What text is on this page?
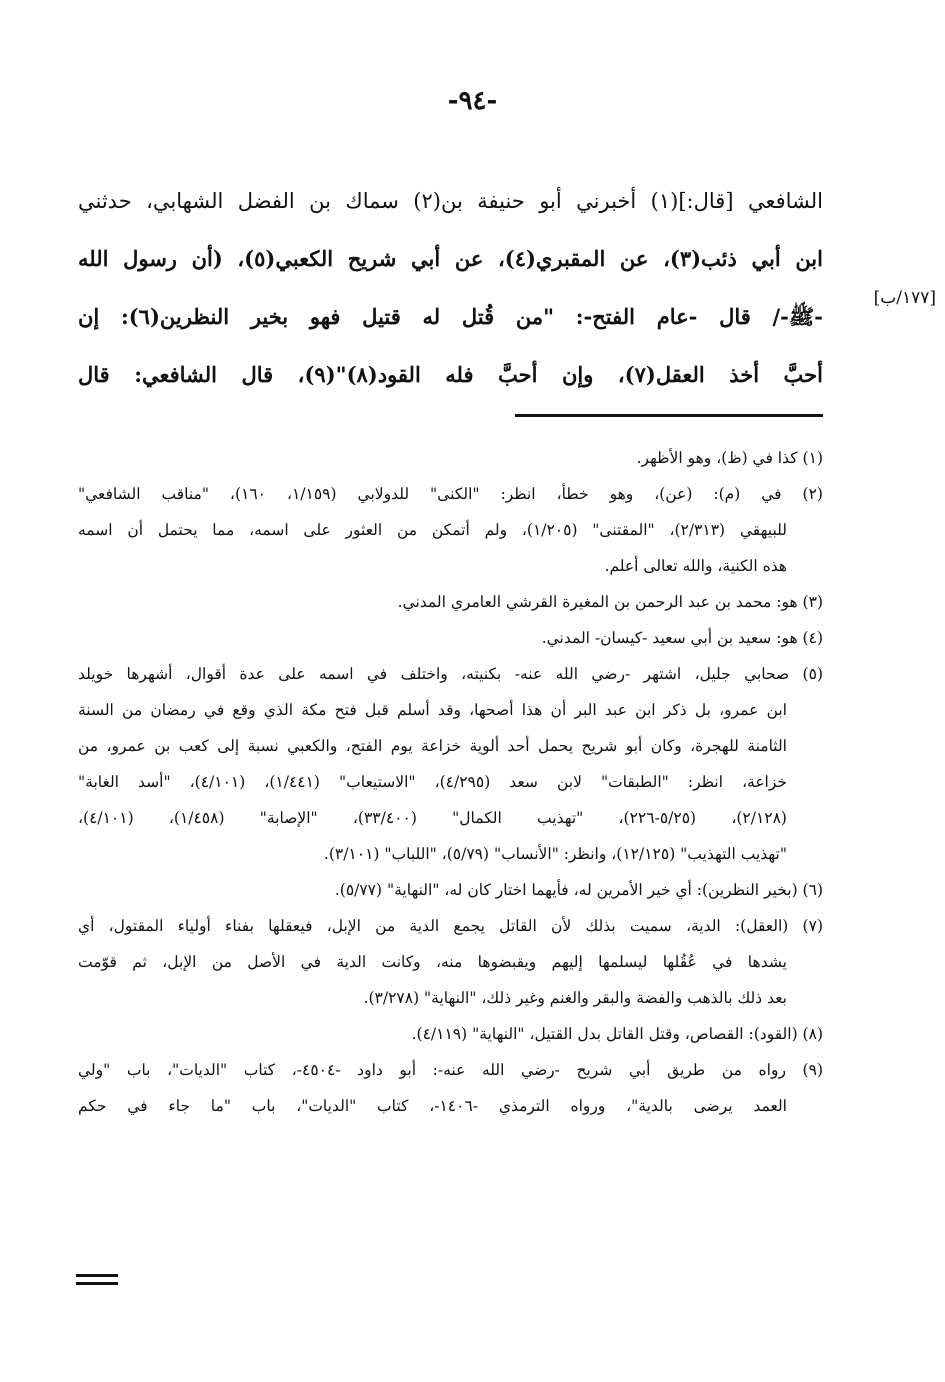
-٩٤-
الشافعي [قال:](١) أخبرني أبو حنيفة بن(٢) سماك بن الفضل الشهابي، حدثني
ابن أبي ذئب(٣)، عن المقبري(٤)، عن أبي شريح الكعبي(٥)، (أن رسول الله
-ﷺ-/ قال -عام الفتح-: "من قُتل له قتيل فهو بخير النظرين(٦): إن
أحبَّ أخذ العقل(٧)، وإن أحبَّ فله القود(٨)"(٩)، قال الشافعي: قال
[١٧٧/ب]
(١) كذا في (ظ)، وهو الأظهر.
(٢) في (م): (عن)، وهو خطأ، انظر: "الكنى" للدولابي (١/١٥٩، ١٦٠)، "مناقب الشافعي"
للبيهقي (٢/٣١٣)، "المقتنى" (١/٢٠٥)، ولم أتمكن من العثور على اسمه، مما يحتمل أن اسمه
هذه الكنية، والله تعالى أعلم.
(٣) هو: محمد بن عبد الرحمن بن المغيرة القرشي العامري المدني.
(٤) هو: سعيد بن أبي سعيد -كيسان- المدني.
(٥) صحابي جليل، اشتهر -رضي الله عنه- بكنيته، واختلف في اسمه على عدة أقوال، أشهرها خويلد
ابن عمرو، بل ذكر ابن عبد البر أن هذا أصحها، وقد أسلم قبل فتح مكة الذي وقع في رمضان من السنة
الثامنة للهجرة، وكان أبو شريح يحمل أحد ألوية خزاعة يوم الفتح، والكعبي نسبة إلى كعب بن عمرو، من
خزاعة، انظر: "الطبقات" لابن سعد (٤/٢٩٥)، "الاستيعاب" (١/٤٤١)، (٤/١٠١)، "أسد الغابة"
(٢/١٢٨)، (٥/٢٥-٢٢٦)، "تهذيب الكمال" (٣٣/٤٠٠)، "الإصابة" (١/٤٥٨)، (٤/١٠١)،
"تهذيب التهذيب" (١٢/١٢٥)، وانظر: "الأنساب" (٥/٧٩)، "اللباب" (٣/١٠١).
(٦) (بخير النظرين): أي خير الأمرين له، فأيهما اختار كان له، "النهاية" (٥/٧٧).
(٧) (العقل): الدية، سميت بذلك لأن القاتل يجمع الدية من الإبل، فيعقلها بفناء أولياء المقتول، أي
يشدها في عُقُلها ليسلمها إليهم ويقبضوها منه، وكانت الدية في الأصل من الإبل، ثم قوّمت
بعد ذلك بالذهب والفضة والبقر والغنم وغير ذلك، "النهاية" (٣/٢٧٨).
(٨) (القود): القصاص، وقتل القاتل بدل القتيل، "النهاية" (٤/١١٩).
(٩) رواه من طريق أبي شريح -رضي الله عنه-: أبو داود -٤٥٠٤-، كتاب "الديات"، باب "ولي
العمد يرضى بالدية"، ورواه الترمذي -١٤٠٦-، كتاب "الديات"، باب "ما جاء في حكم
